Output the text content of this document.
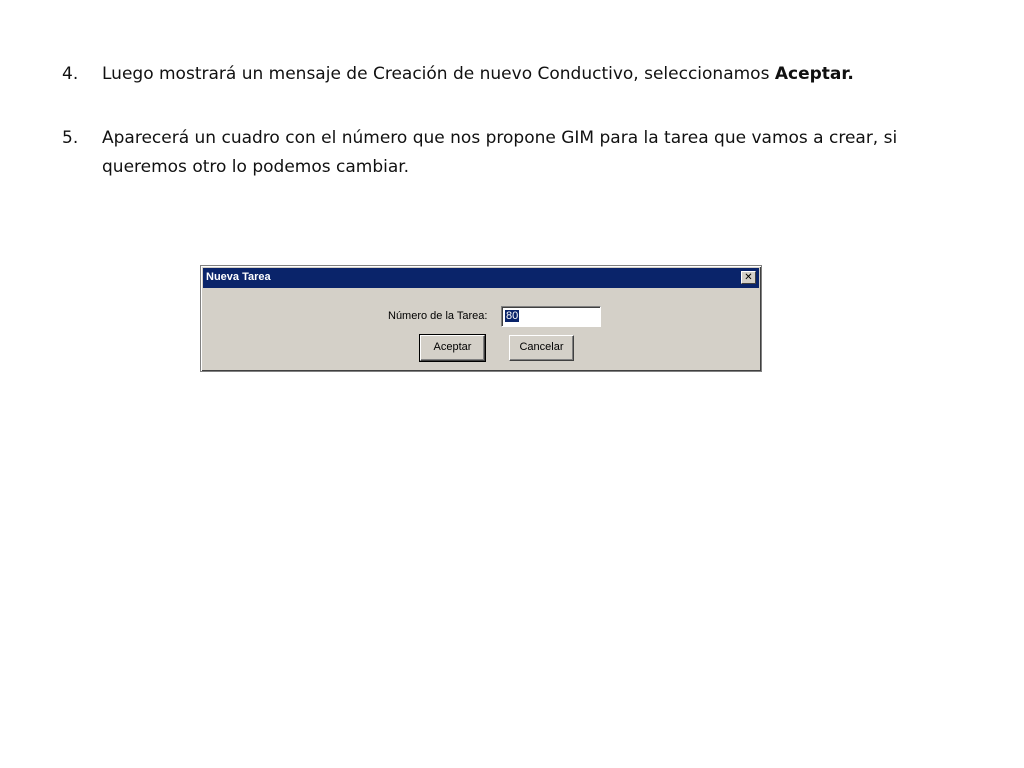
4. Luego mostrará un mensaje de Creación de nuevo Conductivo, seleccionamos Aceptar.
5. Aparecerá un cuadro con el número que nos propone GIM para la tarea que vamos a crear, si queremos otro lo podemos cambiar.
Nueva Tarea	✕
Número de la Tarea:	80
Aceptar	Cancelar
